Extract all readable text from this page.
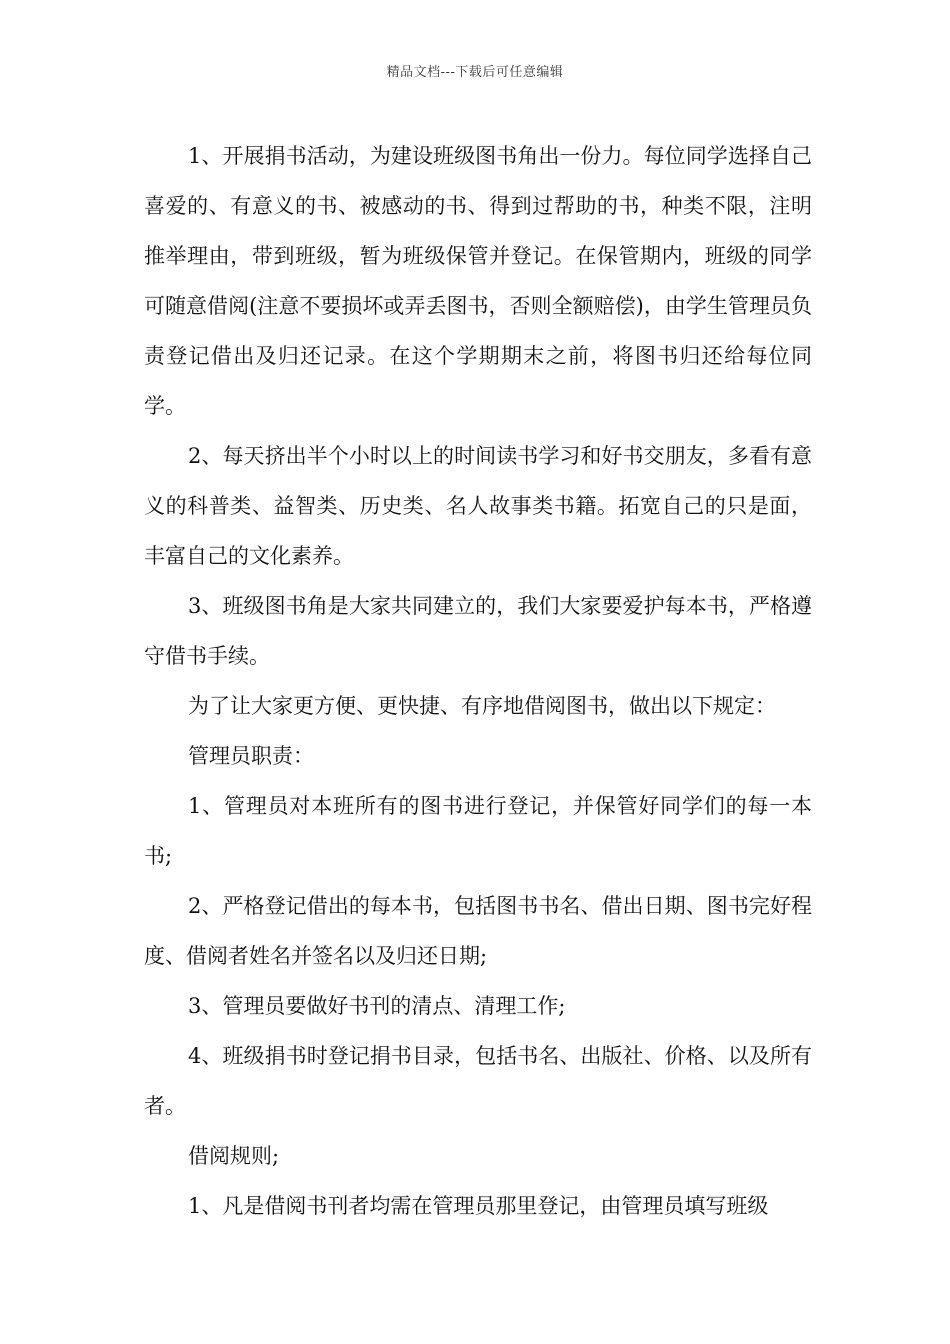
精品文档---下载后可任意编辑

1、开展捐书活动，为建设班级图书角出一份力。每位同学选择自己喜爱的、有意义的书、被感动的书、得到过帮助的书，种类不限，注明推举理由，带到班级，暂为班级保管并登记。在保管期内，班级的同学可随意借阅(注意不要损坏或弄丢图书，否则全额赔偿)，由学生管理员负责登记借出及归还记录。在这个学期期末之前，将图书归还给每位同学。

2、每天挤出半个小时以上的时间读书学习和好书交朋友，多看有意义的科普类、益智类、历史类、名人故事类书籍。拓宽自己的只是面，丰富自己的文化素养。

3、班级图书角是大家共同建立的，我们大家要爱护每本书，严格遵守借书手续。

为了让大家更方便、更快捷、有序地借阅图书，做出以下规定：

管理员职责：

1、管理员对本班所有的图书进行登记，并保管好同学们的每一本书;

2、严格登记借出的每本书，包括图书书名、借出日期、图书完好程度、借阅者姓名并签名以及归还日期;

3、管理员要做好书刊的清点、清理工作;

4、班级捐书时登记捐书目录，包括书名、出版社、价格、以及所有者。

借阅规则;

1、凡是借阅书刊者均需在管理员那里登记，由管理员填写班级
